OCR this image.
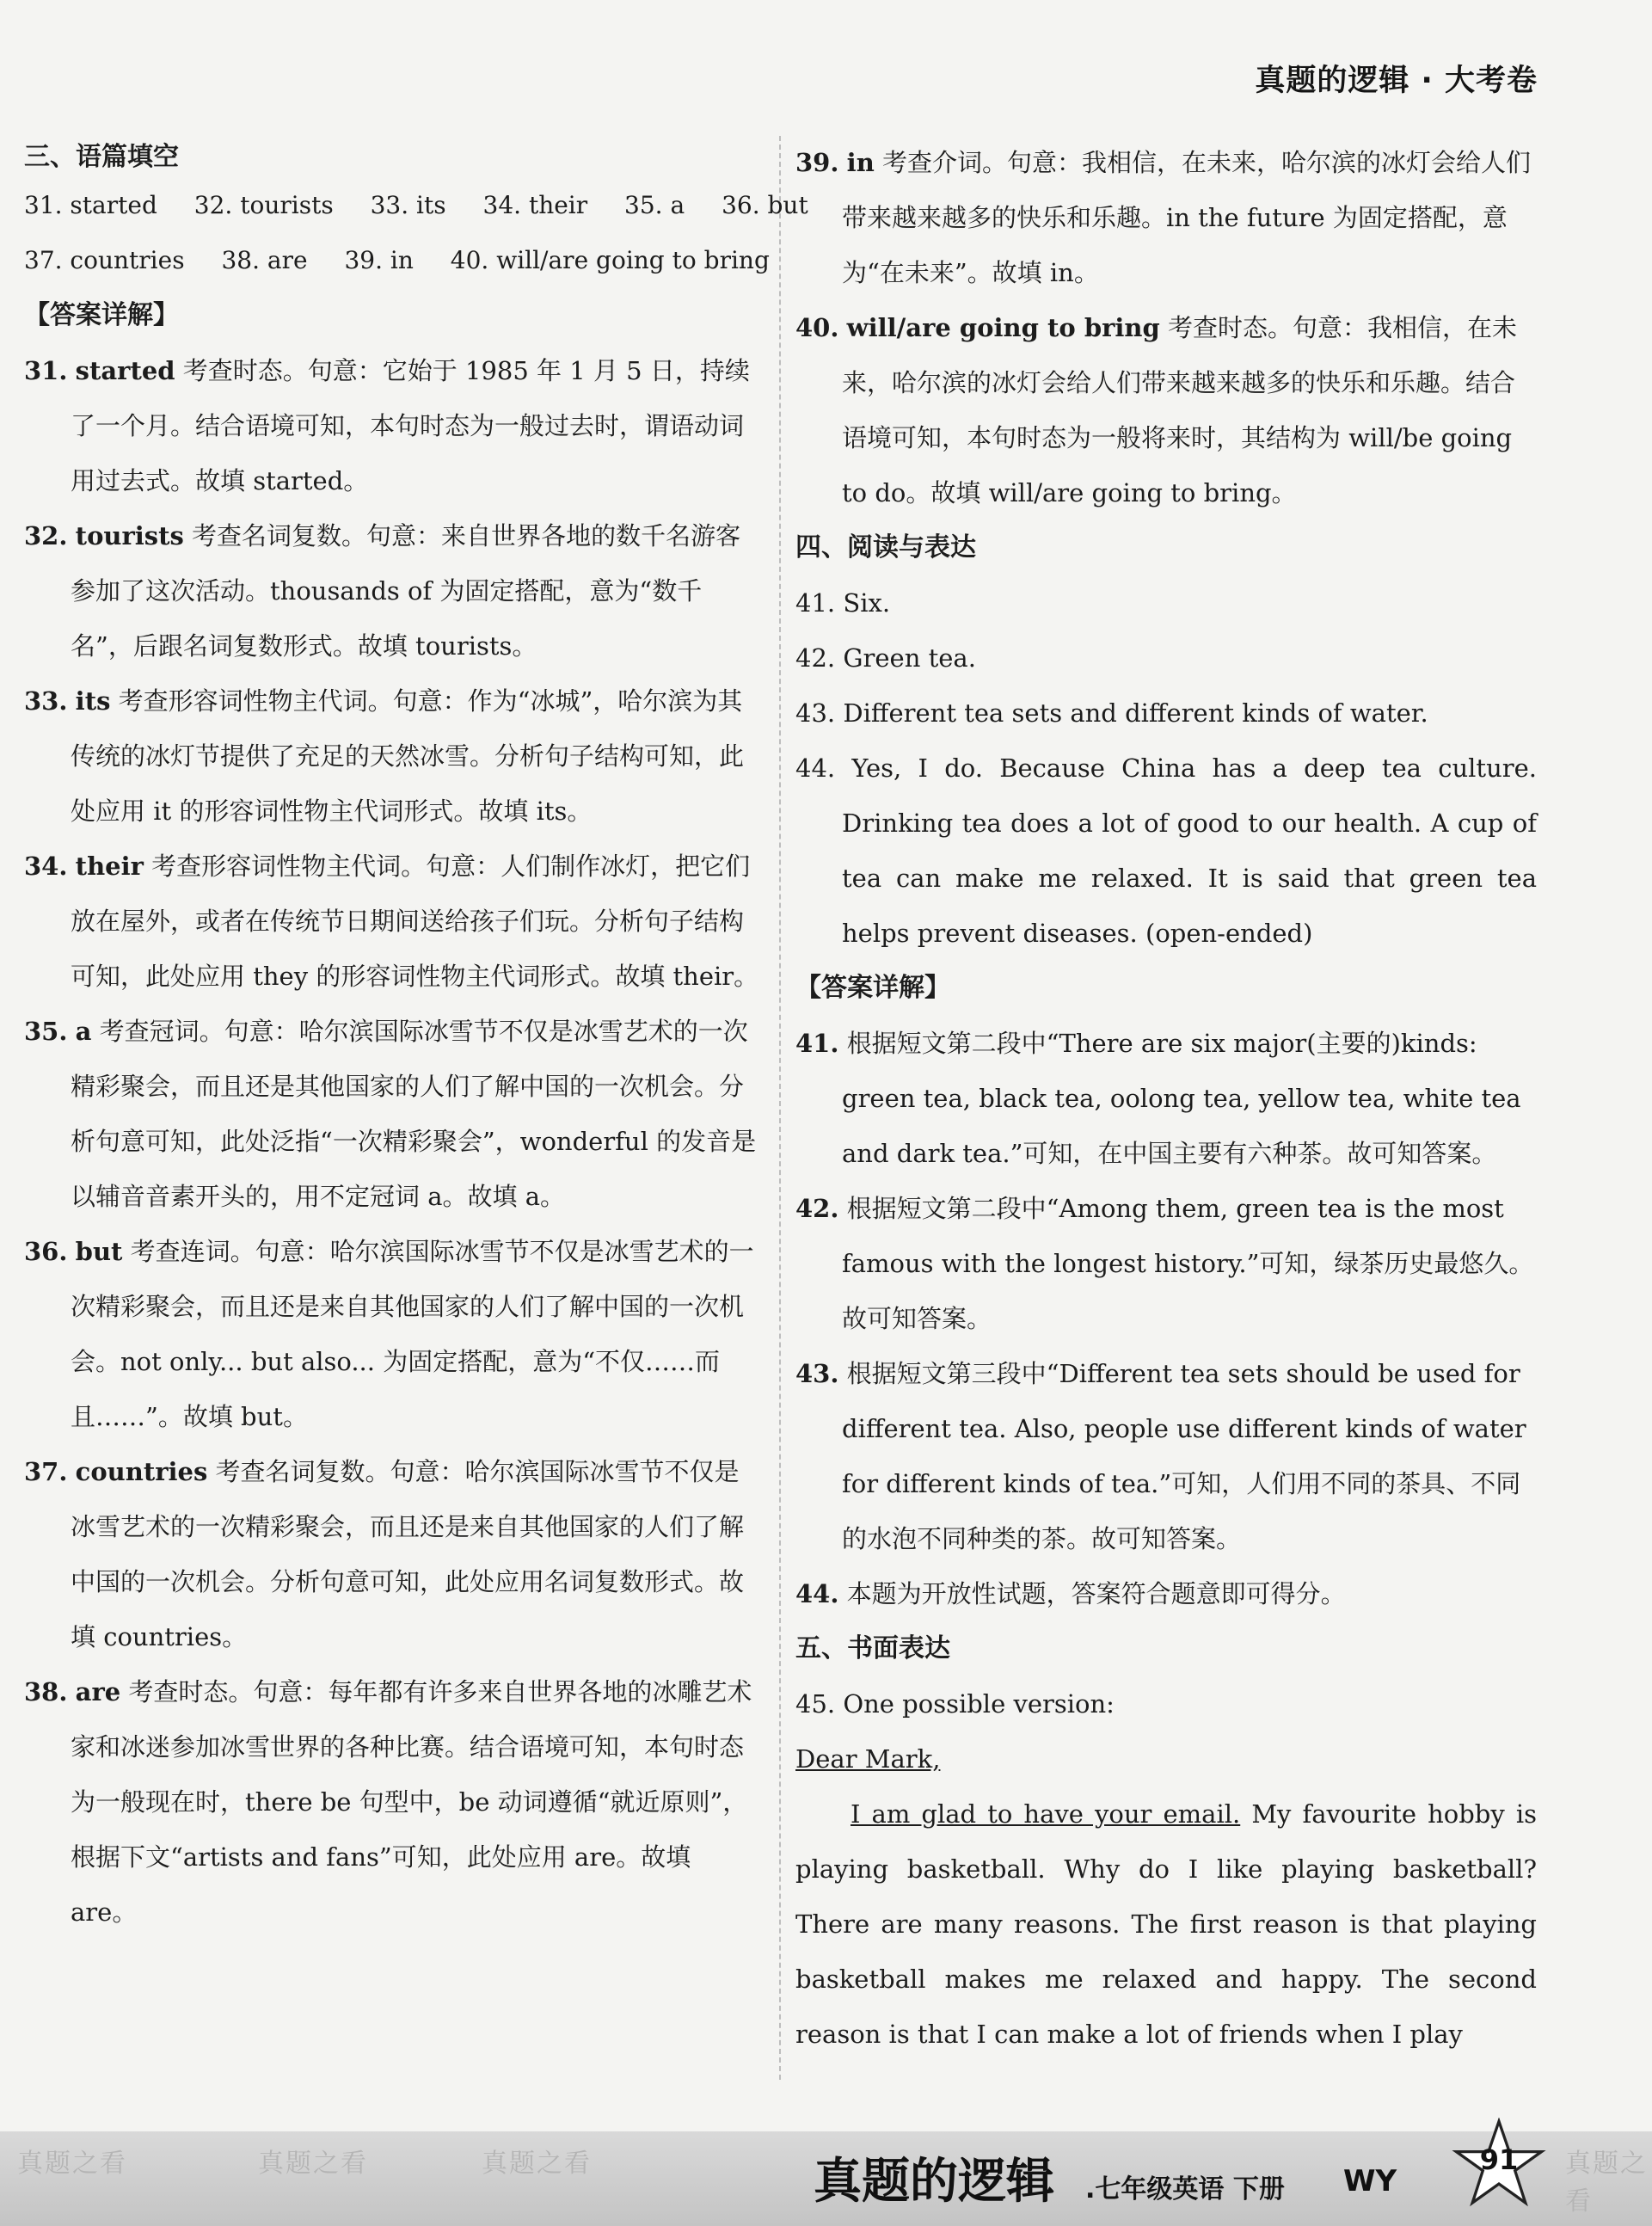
真题的逻辑 · 大考卷

三、语篇填空

31. started 32. tourists 33. its 34. their 35. a 36. but

37. countries 38. are 39. in 40. will/are going to bring

【答案详解】

31. started 考查时态。句意：它始于 1985 年 1 月 5 日，持续了一个月。结合语境可知，本句时态为一般过去时，谓语动词用过去式。故填 started。

32. tourists 考查名词复数。句意：来自世界各地的数千名游客参加了这次活动。thousands of 为固定搭配，意为“数千名”，后跟名词复数形式。故填 tourists。

33. its 考查形容词性物主代词。句意：作为“冰城”，哈尔滨为其传统的冰灯节提供了充足的天然冰雪。分析句子结构可知，此处应用 it 的形容词性物主代词形式。故填 its。

34. their 考查形容词性物主代词。句意：人们制作冰灯，把它们放在屋外，或者在传统节日期间送给孩子们玩。分析句子结构可知，此处应用 they 的形容词性物主代词形式。故填 their。

35. a 考查冠词。句意：哈尔滨国际冰雪节不仅是冰雪艺术的一次精彩聚会，而且还是其他国家的人们了解中国的一次机会。分析句意可知，此处泛指“一次精彩聚会”，wonderful 的发音是以辅音音素开头的，用不定冠词 a。故填 a。

36. but 考查连词。句意：哈尔滨国际冰雪节不仅是冰雪艺术的一次精彩聚会，而且还是来自其他国家的人们了解中国的一次机会。not only... but also... 为固定搭配，意为“不仅……而且……”。故填 but。

37. countries 考查名词复数。句意：哈尔滨国际冰雪节不仅是冰雪艺术的一次精彩聚会，而且还是来自其他国家的人们了解中国的一次机会。分析句意可知，此处应用名词复数形式。故填 countries。

38. are 考查时态。句意：每年都有许多来自世界各地的冰雕艺术家和冰迷参加冰雪世界的各种比赛。结合语境可知，本句时态为一般现在时，there be 句型中，be 动词遵循“就近原则”，根据下文“artists and fans”可知，此处应用 are。故填 are。

39. in 考查介词。句意：我相信，在未来，哈尔滨的冰灯会给人们带来越来越多的快乐和乐趣。in the future 为固定搭配，意为“在未来”。故填 in。

40. will/are going to bring 考查时态。句意：我相信，在未来，哈尔滨的冰灯会给人们带来越来越多的快乐和乐趣。结合语境可知，本句时态为一般将来时，其结构为 will/be going to do。故填 will/are going to bring。

四、阅读与表达

41. Six.

42. Green tea.

43. Different tea sets and different kinds of water.

44. Yes, I do. Because China has a deep tea culture. Drinking tea does a lot of good to our health. A cup of tea can make me relaxed. It is said that green tea helps prevent diseases. (open-ended)

【答案详解】

41. 根据短文第二段中“There are six major(主要的)kinds: green tea, black tea, oolong tea, yellow tea, white tea and dark tea.”可知，在中国主要有六种茶。故可知答案。

42. 根据短文第二段中“Among them, green tea is the most famous with the longest history.”可知，绿茶历史最悠久。故可知答案。

43. 根据短文第三段中“Different tea sets should be used for different tea. Also, people use different kinds of water for different kinds of tea.”可知，人们用不同的茶具、不同的水泡不同种类的茶。故可知答案。

44. 本题为开放性试题，答案符合题意即可得分。

五、书面表达

45. One possible version:

Dear Mark,

I am glad to have your email. My favourite hobby is playing basketball. Why do I like playing basketball? There are many reasons. The first reason is that playing basketball makes me relaxed and happy. The second reason is that I can make a lot of friends when I play

真题之看	真题之看	真题之看	真题之看
真题的逻辑 .七年级英语 下册 WY
91
